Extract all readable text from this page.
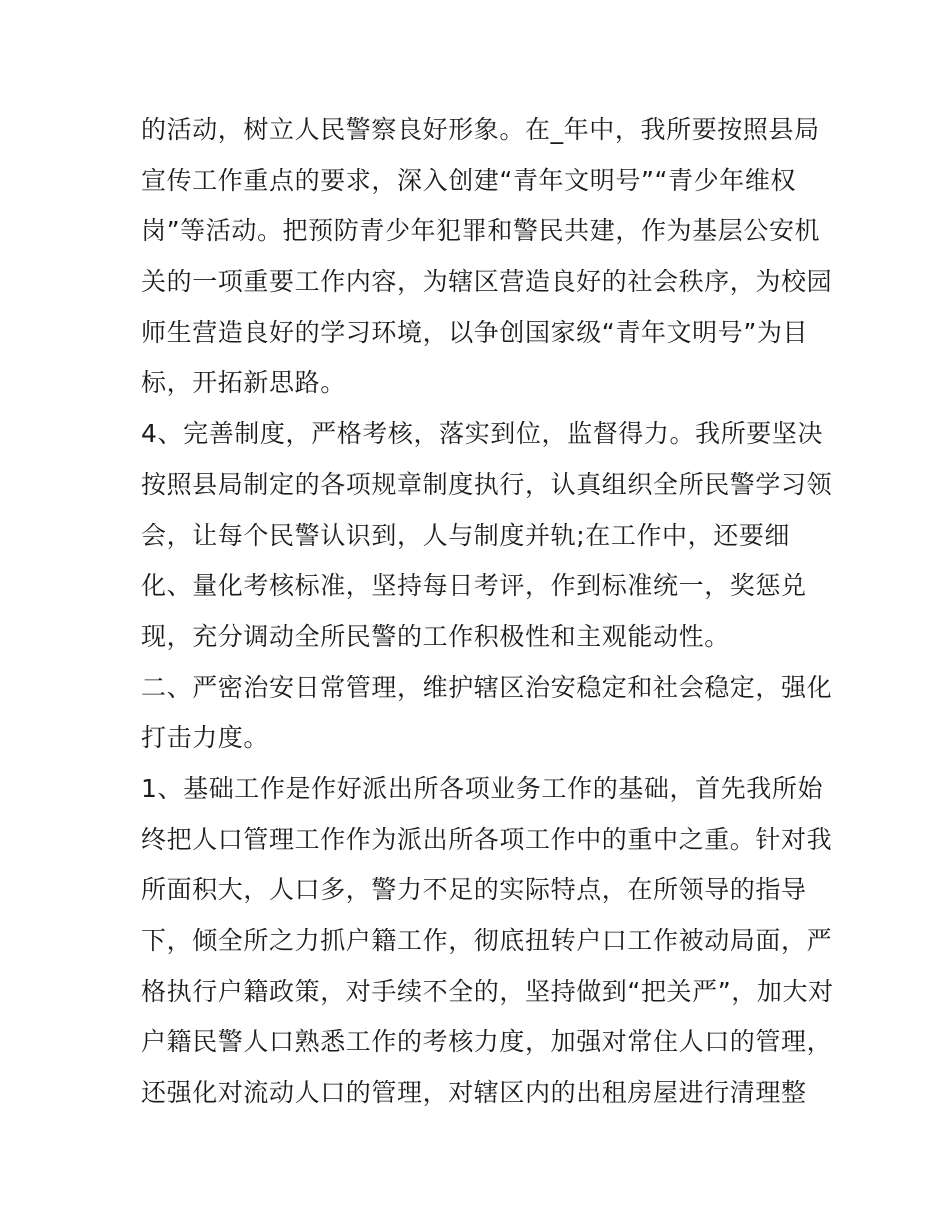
的活动，树立人民警察良好形象。在_年中，我所要按照县局
宣传工作重点的要求，深入创建“青年文明号”“青少年维权
岗”等活动。把预防青少年犯罪和警民共建，作为基层公安机
关的一项重要工作内容，为辖区营造良好的社会秩序，为校园
师生营造良好的学习环境，以争创国家级“青年文明号”为目
标，开拓新思路。
4、完善制度，严格考核，落实到位，监督得力。我所要坚决
按照县局制定的各项规章制度执行，认真组织全所民警学习领
会，让每个民警认识到，人与制度并轨;在工作中，还要细
化、量化考核标准，坚持每日考评，作到标准统一，奖惩兑
现，充分调动全所民警的工作积极性和主观能动性。
二、严密治安日常管理，维护辖区治安稳定和社会稳定，强化
打击力度。
1、基础工作是作好派出所各项业务工作的基础，首先我所始
终把人口管理工作作为派出所各项工作中的重中之重。针对我
所面积大，人口多，警力不足的实际特点，在所领导的指导
下，倾全所之力抓户籍工作，彻底扭转户口工作被动局面，严
格执行户籍政策，对手续不全的，坚持做到“把关严”，加大对
户籍民警人口熟悉工作的考核力度，加强对常住人口的管理，
还强化对流动人口的管理，对辖区内的出租房屋进行清理整
